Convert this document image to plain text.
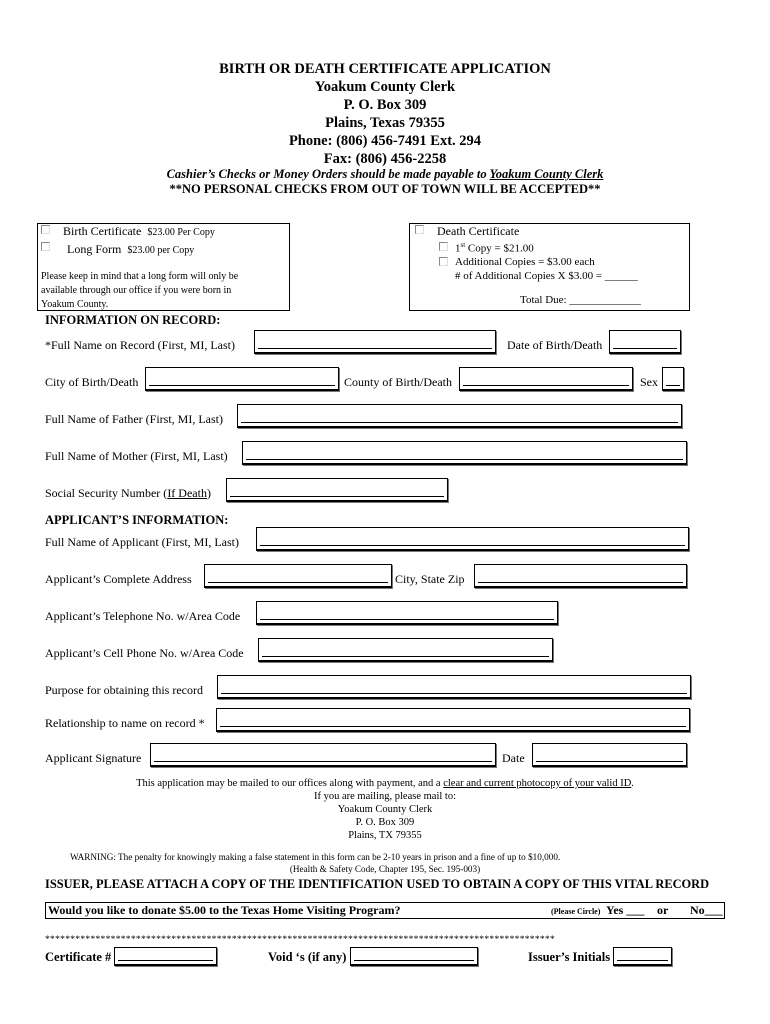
BIRTH OR DEATH CERTIFICATE APPLICATION
Yoakum County Clerk
P. O. Box 309
Plains, Texas 79355
Phone: (806) 456-7491 Ext. 294
Fax: (806) 456-2258
Cashier’s Checks or Money Orders should be made payable to Yoakum County Clerk
**NO PERSONAL CHECKS FROM OUT OF TOWN WILL BE ACCEPTED**
Birth Certificate $23.00 Per Copy
Long Form $23.00 per Copy
Please keep in mind that a long form will only be
available through our office if you were born in
Yoakum County.
Death Certificate
1st Copy = $21.00
Additional Copies = $3.00 each
# of Additional Copies X $3.00 = ______
Total Due: _____________
INFORMATION ON RECORD:
*Full Name on Record (First, MI, Last)	Date of Birth/Death
City of Birth/Death	County of Birth/Death	Sex
Full Name of Father (First, MI, Last)
Full Name of Mother (First, MI, Last)
Social Security Number (If Death)
APPLICANT’S INFORMATION:
Full Name of Applicant (First, MI, Last)
Applicant’s Complete Address	City, State Zip
Applicant’s Telephone No. w/Area Code
Applicant’s Cell Phone No. w/Area Code
Purpose for obtaining this record
Relationship to name on record *
Applicant Signature	Date
This application may be mailed to our offices along with payment, and a clear and current photocopy of your valid ID.
If you are mailing, please mail to:
Yoakum County Clerk
P. O. Box 309
Plains, TX 79355
WARNING: The penalty for knowingly making a false statement in this form can be 2-10 years in prison and a fine of up to $10,000.
(Health & Safety Code, Chapter 195, Sec. 195-003)
ISSUER, PLEASE ATTACH A COPY OF THE IDENTIFICATION USED TO OBTAIN A COPY OF THIS VITAL RECORD
Would you like to donate $5.00 to the Texas Home Visiting Program?	(Please Circle) Yes ___ or No___
*****************************************************************************************************
Certificate #	Void ‘s (if any)	Issuer’s Initials
